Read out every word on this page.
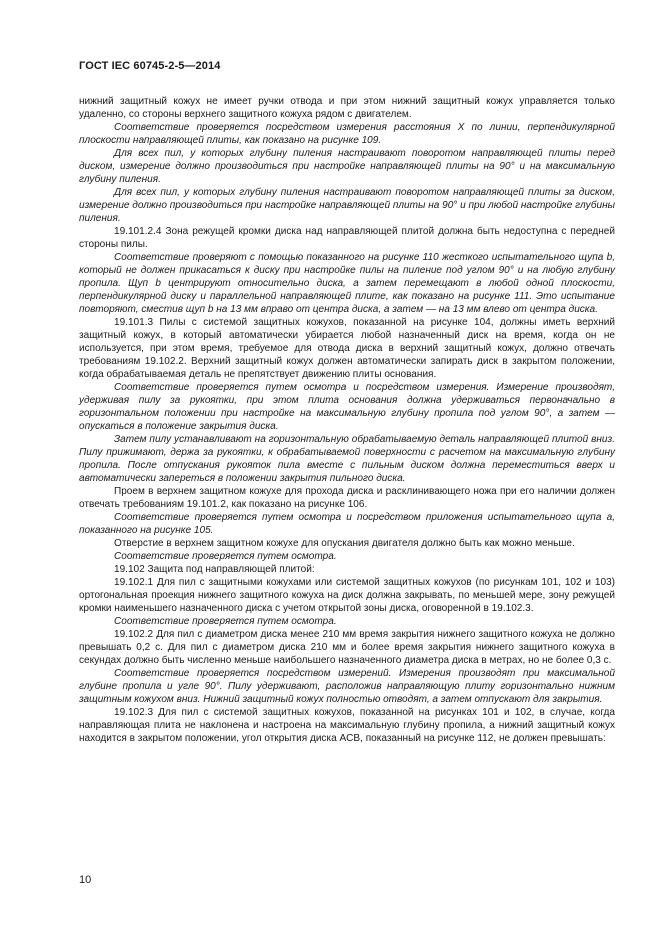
ГОСТ IEC 60745-2-5—2014

нижний защитный кожух не имеет ручки отвода и при этом нижний защитный кожух управляется только удаленно, со стороны верхнего защитного кожуха рядом с двигателем.

Соответствие проверяется посредством измерения расстояния X по линии, перпендикулярной плоскости направляющей плиты, как показано на рисунке 109.

Для всех пил, у которых глубину пиления настраивают поворотом направляющей плиты перед диском, измерение должно производиться при настройке направляющей плиты на 90° и на максимальную глубину пиления.

Для всех пил, у которых глубину пиления настраивают поворотом направляющей плиты за диском, измерение должно производиться при настройке направляющей плиты на 90° и при любой настройке глубины пиления.

19.101.2.4 Зона режущей кромки диска над направляющей плитой должна быть недоступна с передней стороны пилы.

Соответствие проверяют с помощью показанного на рисунке 110 жесткого испытательного щупа b, который не должен прикасаться к диску при настройке пилы на пиление под углом 90° и на любую глубину пропила. Щуп b центрируют относительно диска, а затем перемещают в любой одной плоскости, перпендикулярной диску и параллельной направляющей плите, как показано на рисунке 111. Это испытание повторяют, сместив щуп b на 13 мм вправо от центра диска, а затем — на 13 мм влево от центра диска.

19.101.3 Пилы с системой защитных кожухов, показанной на рисунке 104, должны иметь верхний защитный кожух, в который автоматически убирается любой назначенный диск на время, когда он не используется, при этом время, требуемое для отвода диска в верхний защитный кожух, должно отвечать требованиям 19.102.2. Верхний защитный кожух должен автоматически запирать диск в закрытом положении, когда обрабатываемая деталь не препятствует движению плиты основания.

Соответствие проверяется путем осмотра и посредством измерения. Измерение производят, удерживая пилу за рукоятки, при этом плита основания должна удерживаться первоначально в горизонтальном положении при настройке на максимальную глубину пропила под углом 90°, а затем — опускаться в положение закрытия диска.

Затем пилу устанавливают на горизонтальную обрабатываемую деталь направляющей плитой вниз. Пилу прижимают, держа за рукоятки, к обрабатываемой поверхности с расчетом на максимальную глубину пропила. После отпускания рукояток пила вместе с пильным диском должна переместиться вверх и автоматически запереться в положении закрытия пильного диска.

Проем в верхнем защитном кожухе для прохода диска и расклинивающего ножа при его наличии должен отвечать требованиям 19.101.2, как показано на рисунке 106.

Соответствие проверяется путем осмотра и посредством приложения испытательного щупа a, показанного на рисунке 105.

Отверстие в верхнем защитном кожухе для опускания двигателя должно быть как можно меньше.

Соответствие проверяется путем осмотра.

19.102 Защита под направляющей плитой:

19.102.1 Для пил с защитными кожухами или системой защитных кожухов (по рисункам 101, 102 и 103) ортогональная проекция нижнего защитного кожуха на диск должна закрывать, по меньшей мере, зону режущей кромки наименьшего назначенного диска с учетом открытой зоны диска, оговоренной в 19.102.3.

Соответствие проверяется путем осмотра.

19.102.2 Для пил с диаметром диска менее 210 мм время закрытия нижнего защитного кожуха не должно превышать 0,2 с. Для пил с диаметром диска 210 мм и более время закрытия нижнего защитного кожуха в секундах должно быть численно меньше наибольшего назначенного диаметра диска в метрах, но не более 0,3 с.

Соответствие проверяется посредством измерений. Измерения производят при максимальной глубине пропила и угле 90°. Пилу удерживают, расположив направляющую плиту горизонтально нижним защитным кожухом вниз. Нижний защитный кожух полностью отводят, а затем отпускают для закрытия.

19.102.3 Для пил с системой защитных кожухов, показанной на рисунках 101 и 102, в случае, когда направляющая плита не наклонена и настроена на максимальную глубину пропила, а нижний защитный кожух находится в закрытом положении, угол открытия диска ACB, показанный на рисунке 112, не должен превышать:

10
